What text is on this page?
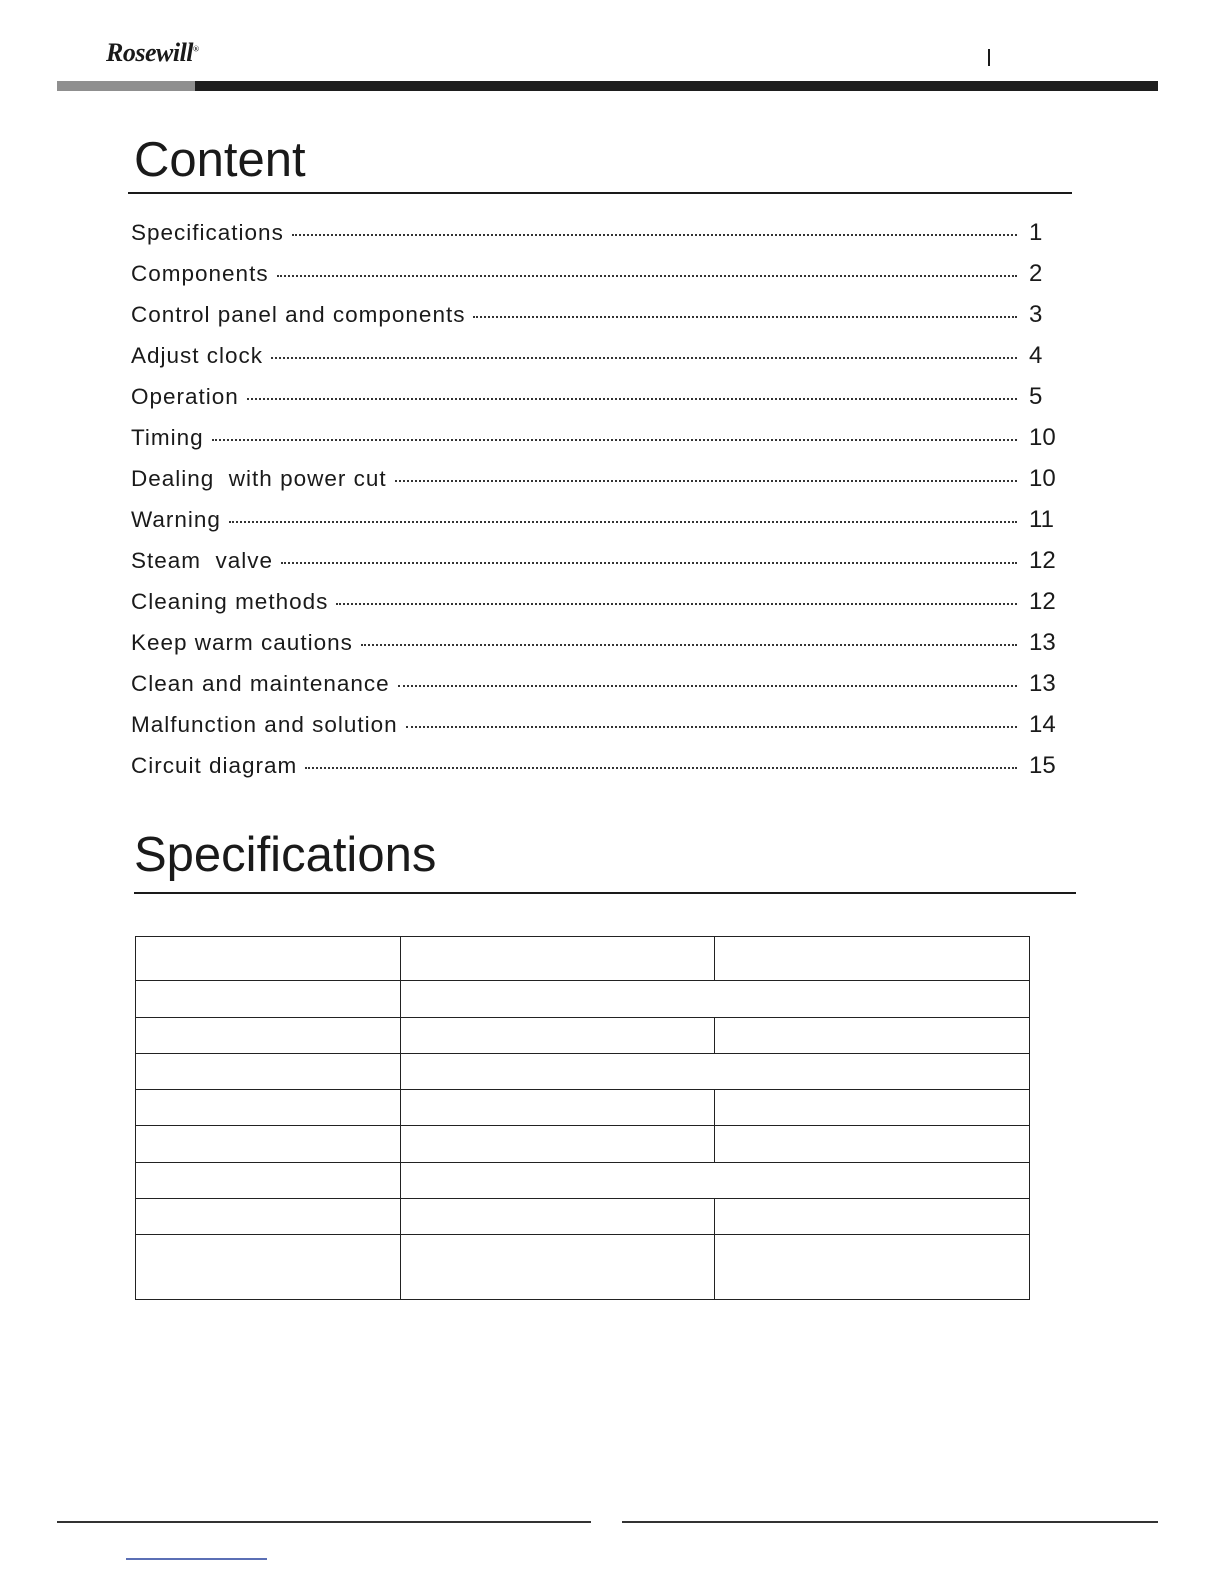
Rosewill®
Content
Specifications	1
Components	2
Control panel and components	3
Adjust clock	4
Operation	5
Timing	10
Dealing  with power cut	10
Warning	11
Steam  valve	12
Cleaning methods	12
Keep warm cautions	13
Clean and maintenance	13
Malfunction and solution	14
Circuit diagram	15
Specifications
